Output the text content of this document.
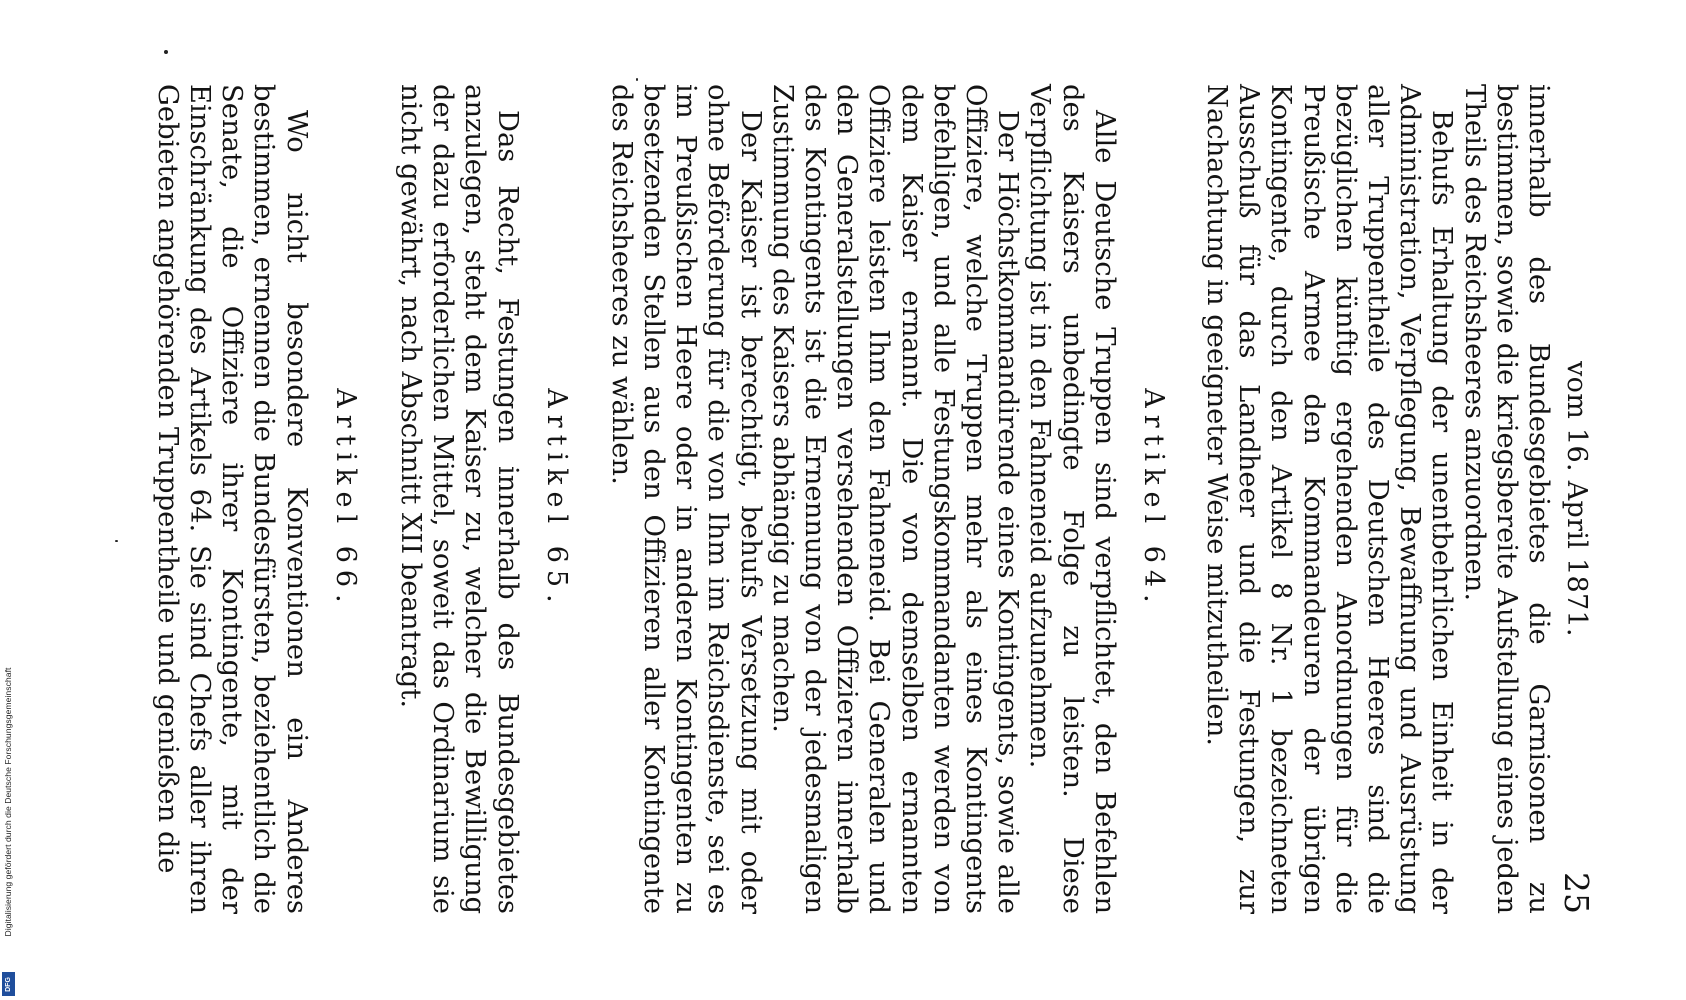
Digitalisierung gefördert durch die Deutsche Forschungsgemeinschaft
DFG
vom 16. April 1871.
25

innerhalb des Bundesgebietes die Garnisonen zu bestimmen, sowie die kriegsbereite Aufstellung eines jeden Theils des Reichsheeres anzuordnen.

Behufs Erhaltung der unentbehrlichen Einheit in der Administration, Verpflegung, Bewaffnung und Ausrüstung aller Truppentheile des Deutschen Heeres sind die bezüglichen künftig ergehenden Anordnungen für die Preußische Armee den Kommandeuren der übrigen Kontingente, durch den Artikel 8 Nr. 1 bezeichneten Ausschuß für das Landheer und die Festungen, zur Nachachtung in geeigneter Weise mitzutheilen.

Artikel 64.

Alle Deutsche Truppen sind verpflichtet, den Befehlen des Kaisers unbedingte Folge zu leisten. Diese Verpflichtung ist in den Fahneneid aufzunehmen.

Der Höchstkommandirende eines Kontingents, sowie alle Offiziere, welche Truppen mehr als eines Kontingents befehligen, und alle Festungskommandanten werden von dem Kaiser ernannt. Die von demselben ernannten Offiziere leisten Ihm den Fahneneid. Bei Generalen und den Generalstellungen versehenden Offizieren innerhalb des Kontingents ist die Ernennung von der jedesmaligen Zustimmung des Kaisers abhängig zu machen.

Der Kaiser ist berechtigt, behufs Versetzung mit oder ohne Beförderung für die von Ihm im Reichsdienste, sei es im Preußischen Heere oder in anderen Kontingenten zu besetzenden Stellen aus den Offizieren aller Kontingente des Reichsheeres zu wählen.

Artikel 65.

Das Recht, Festungen innerhalb des Bundesgebietes anzulegen, steht dem Kaiser zu, welcher die Bewilligung der dazu erforderlichen Mittel, soweit das Ordinarium sie nicht gewährt, nach Abschnitt XII beantragt.

Artikel 66.

Wo nicht besondere Konventionen ein Anderes bestimmen, ernennen die Bundesfürsten, beziehentlich die Senate, die Offiziere ihrer Kontingente, mit der Einschränkung des Artikels 64. Sie sind Chefs aller ihren Gebieten angehörenden Truppentheile und genießen die
